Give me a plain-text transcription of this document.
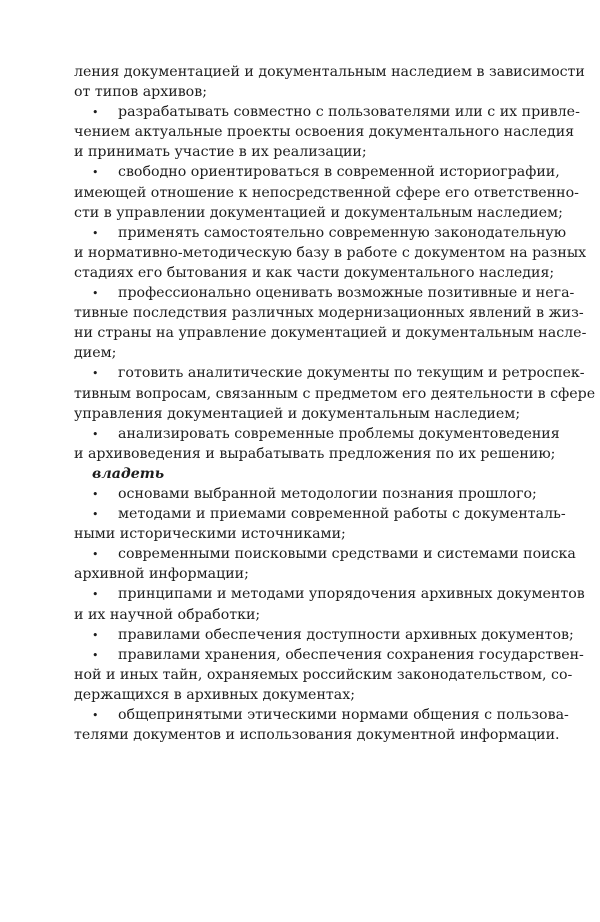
ления документацией и документальным наследием в зависимости
от типов архивов;
•	разрабатывать совместно с пользователями или с их привле-
чением актуальные проекты освоения документального наследия
и принимать участие в их реализации;
•	свободно ориентироваться в современной историографии,
имеющей отношение к непосредственной сфере его ответственно-
сти в управлении документацией и документальным наследием;
•	применять самостоятельно современную законодательную
и нормативно-методическую базу в работе с документом на разных
стадиях его бытования и как части документального наследия;
•	профессионально оценивать возможные позитивные и нега-
тивные последствия различных модернизационных явлений в жиз-
ни страны на управление документацией и документальным насле-
дием;
•	готовить аналитические документы по текущим и ретроспек-
тивным вопросам, связанным с предметом его деятельности в сфере
управления документацией и документальным наследием;
•	анализировать современные проблемы документоведения
и архивоведения и вырабатывать предложения по их решению;
владеть
•	основами выбранной методологии познания прошлого;
•	методами и приемами современной работы с документаль-
ными историческими источниками;
•	современными поисковыми средствами и системами поиска
архивной информации;
•	принципами и методами упорядочения архивных документов
и их научной обработки;
•	правилами обеспечения доступности архивных документов;
•	правилами хранения, обеспечения сохранения государствен-
ной и иных тайн, охраняемых российским законодательством, со-
держащихся в архивных документах;
•	общепринятыми этическими нормами общения с пользова-
телями документов и использования документной информации.
